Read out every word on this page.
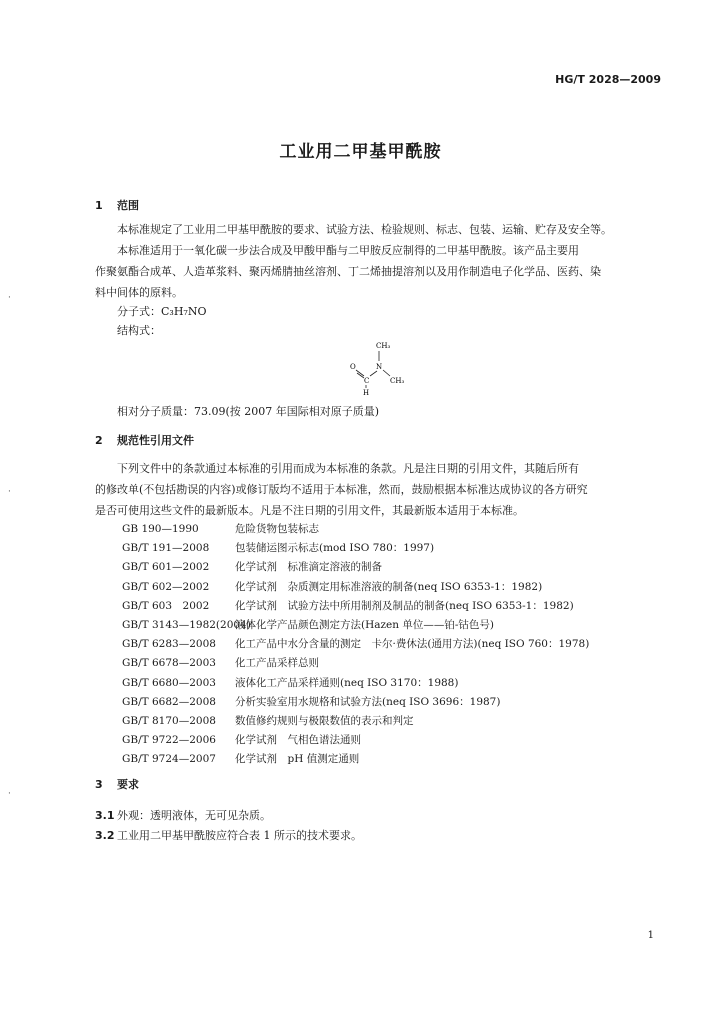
HG/T 2028—2009
工业用二甲基甲酰胺
1 范围
本标准规定了工业用二甲基甲酰胺的要求、试验方法、检验规则、标志、包装、运输、贮存及安全等。
本标准适用于一氧化碳一步法合成及甲酸甲酯与二甲胺反应制得的二甲基甲酰胺。该产品主要用
作聚氨酯合成革、人造革浆料、聚丙烯腈抽丝溶剂、丁二烯抽提溶剂以及用作制造电子化学品、医药、染
料中间体的原料。
分子式：C₃H₇NO
结构式：
CH₃
N
O
C	CH₃
H
相对分子质量：73.09(按 2007 年国际相对原子质量)
2 规范性引用文件
下列文件中的条款通过本标准的引用而成为本标准的条款。凡是注日期的引用文件，其随后所有
的修改单(不包括勘误的内容)或修订版均不适用于本标准，然而，鼓励根据本标准达成协议的各方研究
是否可使用这些文件的最新版本。凡是不注日期的引用文件，其最新版本适用于本标准。
GB 190—1990	危险货物包装标志
GB/T 191—2008 包装储运图示标志(mod ISO 780：1997)
GB/T 601—2002 化学试剂　标准滴定溶液的制备
GB/T 602—2002 化学试剂　杂质测定用标准溶液的制备(neq ISO 6353-1：1982)
GB/T 603　2002 化学试剂　试验方法中所用制剂及制品的制备(neq ISO 6353-1：1982)
GB/T 3143—1982(2004)液体化学产品颜色测定方法(Hazen 单位——铂-钴色号)
GB/T 6283—2008 化工产品中水分含量的测定　卡尔·费休法(通用方法)(neq ISO 760：1978)
GB/T 6678—2003 化工产品采样总则
GB/T 6680—2003 液体化工产品采样通则(neq ISO 3170：1988)
GB/T 6682—2008 分析实验室用水规格和试验方法(neq ISO 3696：1987)
GB/T 8170—2008 数值修约规则与极限数值的表示和判定
GB/T 9722—2006 化学试剂　气相色谱法通则
GB/T 9724—2007 化学试剂　pH 值测定通则
3 要求
3.1 外观：透明液体，无可见杂质。
3.2 工业用二甲基甲酰胺应符合表 1 所示的技术要求。
1
·
·
·
